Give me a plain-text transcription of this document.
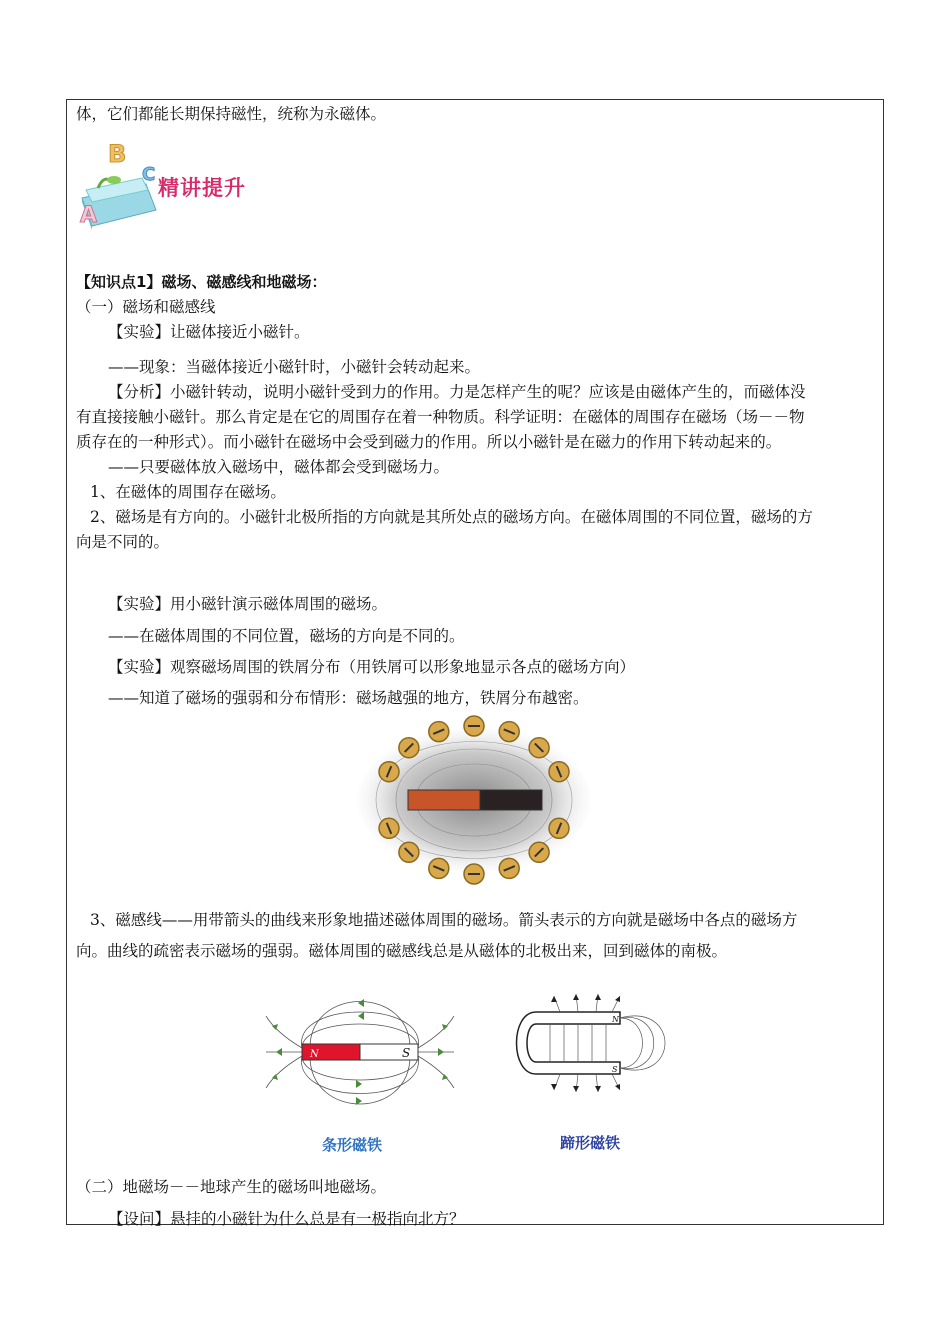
体，它们都能长期保持磁性，统称为永磁体。
B
C
A
精讲提升
【知识点1】磁场、磁感线和地磁场：
（一）磁场和磁感线
【实验】让磁体接近小磁针。
——现象：当磁体接近小磁针时，小磁针会转动起来。
【分析】小磁针转动，说明小磁针受到力的作用。力是怎样产生的呢？应该是由磁体产生的，而磁体没
有直接接触小磁针。那么肯定是在它的周围存在着一种物质。科学证明：在磁体的周围存在磁场（场－－物
质存在的一种形式）。而小磁针在磁场中会受到磁力的作用。所以小磁针是在磁力的作用下转动起来的。
——只要磁体放入磁场中，磁体都会受到磁场力。
1、在磁体的周围存在磁场。
2、磁场是有方向的。小磁针北极所指的方向就是其所处点的磁场方向。在磁体周围的不同位置，磁场的方
向是不同的。
【实验】用小磁针演示磁体周围的磁场。
——在磁体周围的不同位置，磁场的方向是不同的。
【实验】观察磁场周围的铁屑分布（用铁屑可以形象地显示各点的磁场方向）
——知道了磁场的强弱和分布情形：磁场越强的地方，铁屑分布越密。
N	S
条形磁铁
N
S
蹄形磁铁
3、磁感线——用带箭头的曲线来形象地描述磁体周围的磁场。箭头表示的方向就是磁场中各点的磁场方
向。曲线的疏密表示磁场的强弱。磁体周围的磁感线总是从磁体的北极出来，回到磁体的南极。
（二）地磁场－－地球产生的磁场叫地磁场。
【设问】悬挂的小磁针为什么总是有一极指向北方？
